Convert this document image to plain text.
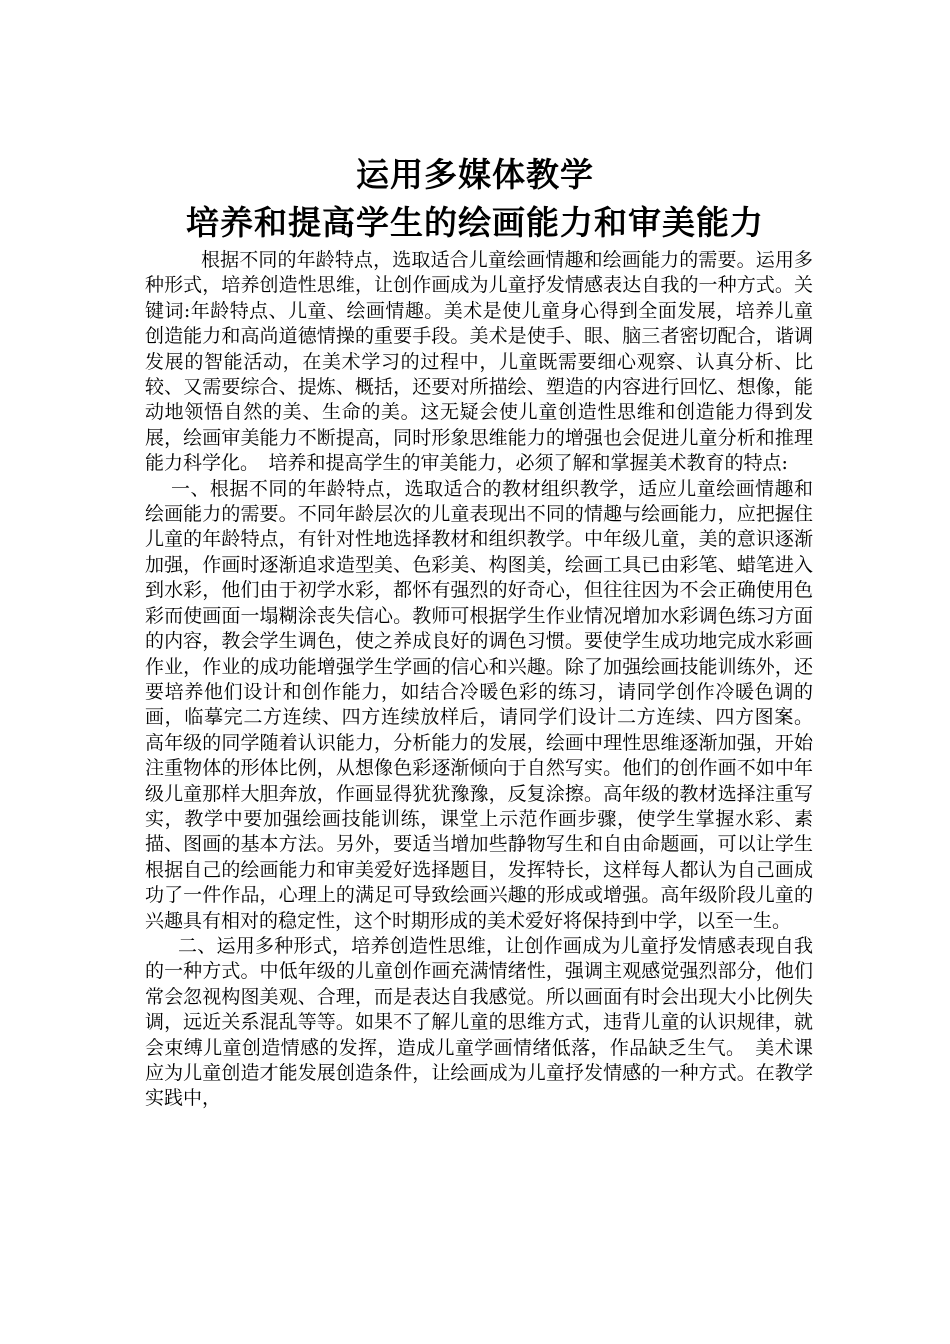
运用多媒体教学
培养和提高学生的绘画能力和审美能力

根据不同的年龄特点，选取适合儿童绘画情趣和绘画能力的需要。运用多种形式，培养创造性思维，让创作画成为儿童抒发情感表达自我的一种方式。关键词:年龄特点、儿童、绘画情趣。美术是使儿童身心得到全面发展，培养儿童创造能力和高尚道德情操的重要手段。美术是使手、眼、脑三者密切配合，谐调发展的智能活动，在美术学习的过程中，儿童既需要细心观察、认真分析、比较、又需要综合、提炼、概括，还要对所描绘、塑造的内容进行回忆、想像，能动地领悟自然的美、生命的美。这无疑会使儿童创造性思维和创造能力得到发展，绘画审美能力不断提高，同时形象思维能力的增强也会促进儿童分析和推理能力科学化。　培养和提高学生的审美能力，必须了解和掌握美术教育的特点:

一、根据不同的年龄特点，选取适合的教材组织教学，适应儿童绘画情趣和绘画能力的需要。不同年龄层次的儿童表现出不同的情趣与绘画能力，应把握住儿童的年龄特点，有针对性地选择教材和组织教学。中年级儿童，美的意识逐渐加强，作画时逐渐追求造型美、色彩美、构图美，绘画工具已由彩笔、蜡笔进入到水彩，他们由于初学水彩，都怀有强烈的好奇心，但往往因为不会正确使用色彩而使画面一塌糊涂丧失信心。教师可根据学生作业情况增加水彩调色练习方面的内容，教会学生调色，使之养成良好的调色习惯。要使学生成功地完成水彩画作业，作业的成功能增强学生学画的信心和兴趣。除了加强绘画技能训练外，还要培养他们设计和创作能力，如结合冷暖色彩的练习，请同学创作冷暖色调的画，临摹完二方连续、四方连续放样后，请同学们设计二方连续、四方图案。 高年级的同学随着认识能力，分析能力的发展，绘画中理性思维逐渐加强，开始注重物体的形体比例，从想像色彩逐渐倾向于自然写实。他们的创作画不如中年级儿童那样大胆奔放，作画显得犹犹豫豫，反复涂擦。高年级的教材选择注重写实，教学中要加强绘画技能训练，课堂上示范作画步骤，使学生掌握水彩、素描、图画的基本方法。另外，要适当增加些静物写生和自由命题画，可以让学生根据自己的绘画能力和审美爱好选择题目，发挥特长，这样每人都认为自己画成功了一件作品，心理上的满足可导致绘画兴趣的形成或增强。高年级阶段儿童的兴趣具有相对的稳定性，这个时期形成的美术爱好将保持到中学，以至一生。

二、运用多种形式，培养创造性思维，让创作画成为儿童抒发情感表现自我的一种方式。中低年级的儿童创作画充满情绪性，强调主观感觉强烈部分，他们常会忽视构图美观、合理，而是表达自我感觉。所以画面有时会出现大小比例失调，远近关系混乱等等。如果不了解儿童的思维方式，违背儿童的认识规律，就会束缚儿童创造情感的发挥，造成儿童学画情绪低落，作品缺乏生气。　美术课应为儿童创造才能发展创造条件，让绘画成为儿童抒发情感的一种方式。在教学实践中，
